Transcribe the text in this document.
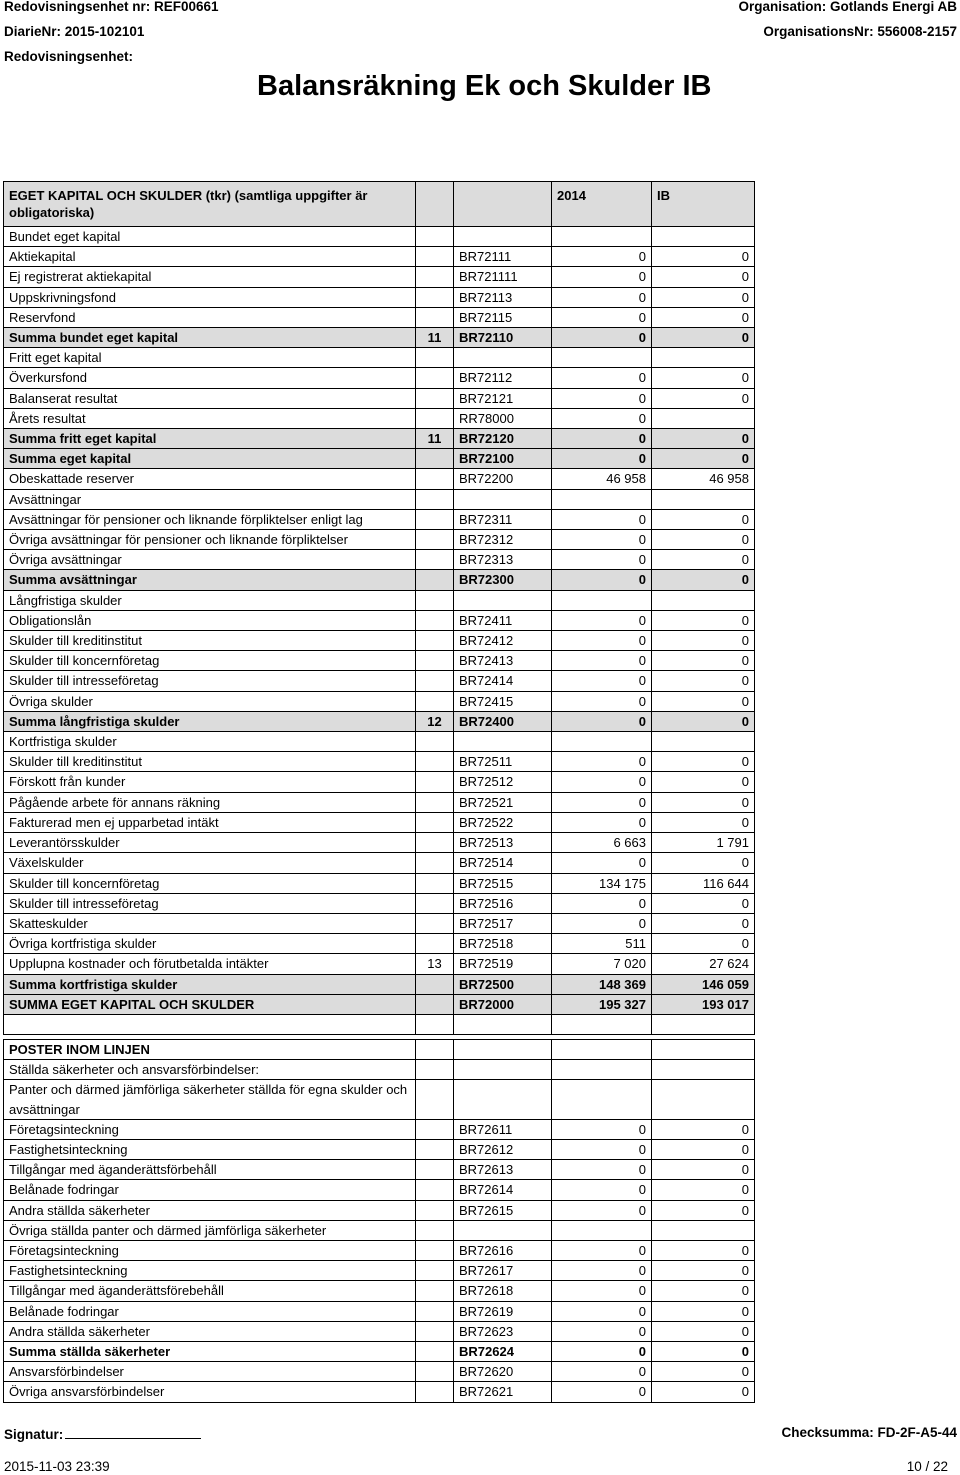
Redovisningsenhet nr: REF00661
DiarieNr: 2015-102101
Redovisningsenhet:
Organisation: Gotlands Energi AB
OrganisationsNr: 556008-2157
Balansräkning Ek och Skulder IB
EGET KAPITAL OCH SKULDER (tkr) (samtliga uppgifter är obligatoriska)			2014	IB
Bundet eget kapital				
Aktiekapital		BR72111	0	0
Ej registrerat aktiekapital		BR721111	0	0
Uppskrivningsfond		BR72113	0	0
Reservfond		BR72115	0	0
Summa bundet eget kapital	11	BR72110	0	0
Fritt eget kapital				
Överkursfond		BR72112	0	0
Balanserat resultat		BR72121	0	0
Årets resultat		RR78000	0	
Summa fritt eget kapital	11	BR72120	0	0
Summa eget kapital		BR72100	0	0
Obeskattade reserver		BR72200	46 958	46 958
Avsättningar				
Avsättningar för pensioner och liknande förpliktelser enligt lag		BR72311	0	0
Övriga avsättningar för pensioner och liknande förpliktelser		BR72312	0	0
Övriga avsättningar		BR72313	0	0
Summa avsättningar		BR72300	0	0
Långfristiga skulder				
Obligationslån		BR72411	0	0
Skulder till kreditinstitut		BR72412	0	0
Skulder till koncernföretag		BR72413	0	0
Skulder till intresseföretag		BR72414	0	0
Övriga skulder		BR72415	0	0
Summa långfristiga skulder	12	BR72400	0	0
Kortfristiga skulder				
Skulder till kreditinstitut		BR72511	0	0
Förskott från kunder		BR72512	0	0
Pågående arbete för annans räkning		BR72521	0	0
Fakturerad men ej upparbetad intäkt		BR72522	0	0
Leverantörsskulder		BR72513	6 663	1 791
Växelskulder		BR72514	0	0
Skulder till koncernföretag		BR72515	134 175	116 644
Skulder till intresseföretag		BR72516	0	0
Skatteskulder		BR72517	0	0
Övriga kortfristiga skulder		BR72518	511	0
Upplupna kostnader och förutbetalda intäkter	13	BR72519	7 020	27 624
Summa kortfristiga skulder		BR72500	148 369	146 059
SUMMA EGET KAPITAL OCH SKULDER		BR72000	195 327	193 017

POSTER INOM LINJEN				
Ställda säkerheter och ansvarsförbindelser:				
Panter och därmed jämförliga säkerheter ställda för egna skulder och avsättningar				
Företagsinteckning		BR72611	0	0
Fastighetsinteckning		BR72612	0	0
Tillgångar med äganderättsförbehåll		BR72613	0	0
Belånade fodringar		BR72614	0	0
Andra ställda säkerheter		BR72615	0	0
Övriga ställda panter och därmed jämförliga säkerheter				
Företagsinteckning		BR72616	0	0
Fastighetsinteckning		BR72617	0	0
Tillgångar med äganderättsförebehåll		BR72618	0	0
Belånade fodringar		BR72619	0	0
Andra ställda säkerheter		BR72623	0	0
Summa ställda säkerheter		BR72624	0	0
Ansvarsförbindelser		BR72620	0	0
Övriga ansvarsförbindelser		BR72621	0	0
Signatur:	Checksumma: FD-2F-A5-44
2015-11-03 23:39	10 / 22
